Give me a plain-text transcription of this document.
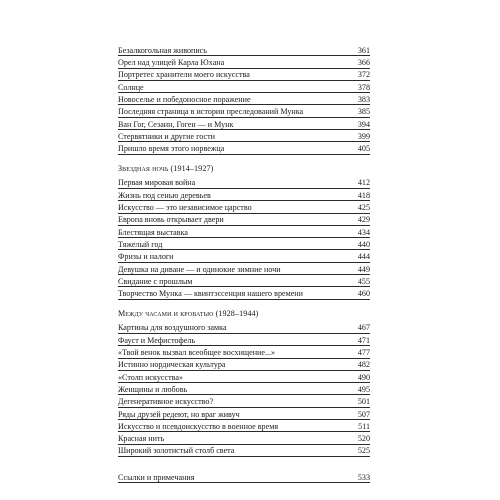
Безалкогольная живопись	361
Орел над улицей Карла Юхана	366
Портретес хранители моего искусства	372
Солнце	378
Новоселье и победоносное поражение	383
Последняя страница в истории преследований Мунка	385
Ван Гог, Сезанн, Гоген — и Мунк	394
Стервятники и другие гости	399
Пришло время этого норвежца	405
Звездная ночь (1914–1927)
Первая мировая война	412
Жизнь под сенью деревьев	418
Искусство — это независимое царство	425
Европа вновь открывает двери	429
Блестящая выставка	434
Тяжелый год	440
Фризы и налоги	444
Девушка на диване — и одинокие зимние ночи	449
Свидание с прошлым	455
Творчество Мунка — квинтэссенция нашего времени	460
Между часами и кроватью (1928–1944)
Картины для воздушного замка	467
Фауст и Мефистофель	471
«Твой венок вызвал всеобщее восхищение...»	477
Истинно нордическая культура	482
«Столп искусства»	490
Женщины и любовь	495
Дегенеративное искусство?	501
Ряды друзей редеют, но враг живуч	507
Искусство и псевдоискусство в военное время	511
Красная нить	520
Широкий золотистый столб света	525
Ссылки и примечания	533
